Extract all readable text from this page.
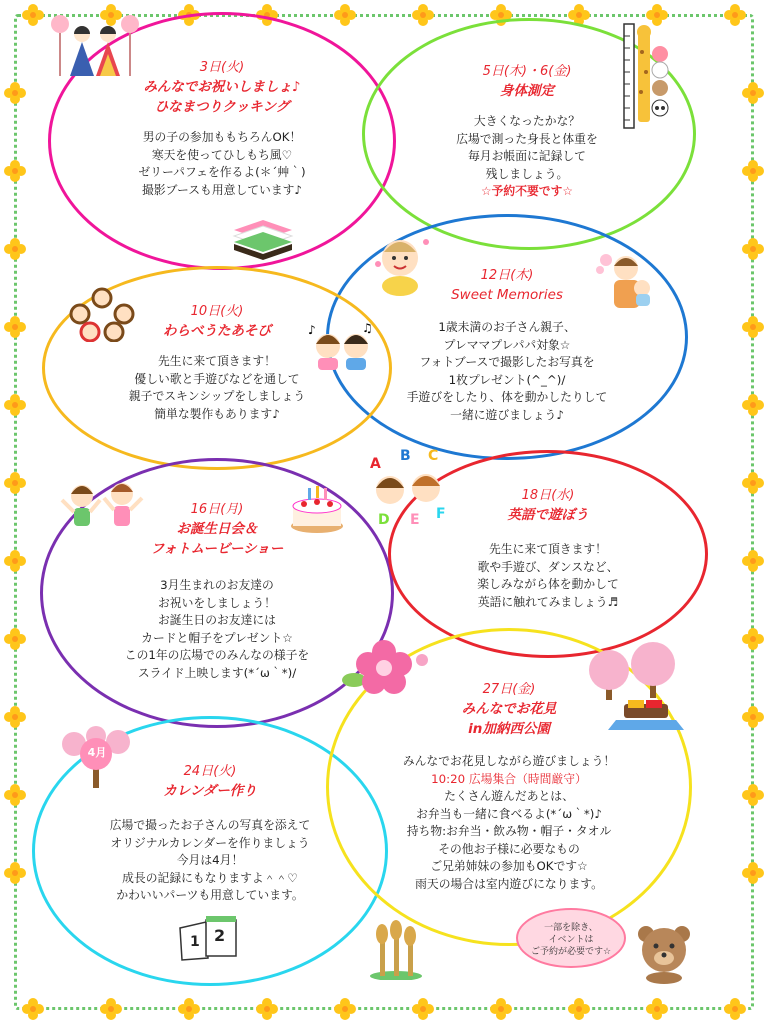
♪	♫
A B C
D E F
4月
1 2
3日(火)
みんなでお祝いしましょ♪
ひなまつりクッキング

男の子の参加ももちろんOK！

寒天を使ってひしもち風♡

ゼリーパフェを作るよ(＊´艸｀)

撮影ブースも用意しています♪

5日(木)・6(金)
身体測定

大きくなったかな？

広場で測った身長と体重を

毎月お帳面に記録して

残しましょう。

☆予約不要です☆

12日(木)
Sweet Memories

1歳未満のお子さん親子、

プレママプレパパ対象☆

フォトブースで撮影したお写真を

1枚プレゼント(^_^)/

手遊びをしたり、体を動かしたりして

一緒に遊びましょう♪

10日(火)
わらべうたあそび

先生に来て頂きます！

優しい歌と手遊びなどを通して

親子でスキンシップをしましょう

簡単な製作もあります♪

16日(月)
お誕生日会＆
フォトムービーショー

3月生まれのお友達の

お祝いをしましょう！

お誕生日のお友達には

カードと帽子をプレゼント☆

この1年の広場でのみんなの様子を

スライド上映します(*´ω｀*)/

18日(水)
英語で遊ぼう

先生に来て頂きます！

歌や手遊び、ダンスなど、

楽しみながら体を動かして

英語に触れてみましょう♬

24日(火)
カレンダー作り

広場で撮ったお子さんの写真を添えて

オリジナルカレンダーを作りましょう

今月は4月！

成長の記録にもなりますよ＾＾♡

かわいいパーツも用意しています。

27日(金)
みんなでお花見
in加納西公園

みんなでお花見しながら遊びましょう！

10:20 広場集合（時間厳守）

たくさん遊んだあとは、

お弁当も一緒に食べるよ(*´ω｀*)♪

持ち物:お弁当・飲み物・帽子・タオル

その他お子様に必要なもの

ご兄弟姉妹の参加もOKです☆

雨天の場合は室内遊びになります。

一部を除き、

イベントは

ご予約が必要です☆
